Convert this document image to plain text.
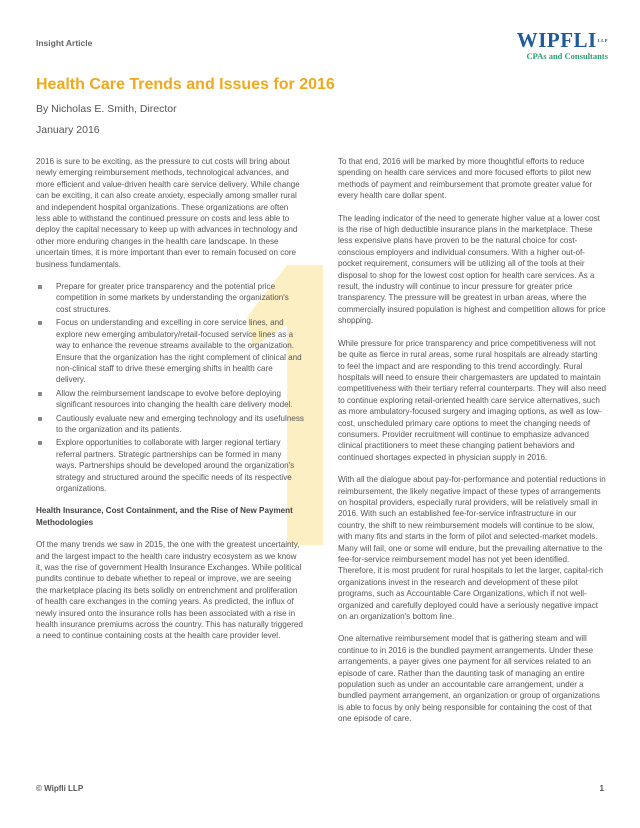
Insight Article	$WIPFLI^{LLP}$
CPAs and Consultants
Health Care Trends and Issues for 2016
By Nicholas E. Smith, Director
January 2016

2016 is sure to be exciting, as the pressure to cut costs will bring about newly emerging reimbursement methods, technological advances, and more efficient and value-driven health care service delivery. While change can be exciting, it can also create anxiety, especially among smaller rural and independent hospital organizations. These organizations are often less able to withstand the continued pressure on costs and less able to deploy the capital necessary to keep up with advances in technology and other more enduring changes in the health care landscape. In these uncertain times, it is more important than ever to remain focused on core business fundamentals.

Prepare for greater price transparency and the potential price competition in some markets by understanding the organization's cost structures.
Focus on understanding and excelling in core service lines, and explore new emerging ambulatory/retail-focused service lines as a way to enhance the revenue streams available to the organization. Ensure that the organization has the right complement of clinical and non-clinical staff to drive these emerging shifts in health care delivery.
Allow the reimbursement landscape to evolve before deploying significant resources into changing the health care delivery model.
Cautiously evaluate new and emerging technology and its usefulness to the organization and its patients.
Explore opportunities to collaborate with larger regional tertiary referral partners. Strategic partnerships can be formed in many ways. Partnerships should be developed around the organization's strategy and structured around the specific needs of its respective organizations.
Health Insurance, Cost Containment, and the Rise of New Payment Methodologies

Of the many trends we saw in 2015, the one with the greatest uncertainty, and the largest impact to the health care industry ecosystem as we know it, was the rise of government Health Insurance Exchanges. While political pundits continue to debate whether to repeal or improve, we are seeing the marketplace placing its bets solidly on entrenchment and proliferation of health care exchanges in the coming years. As predicted, the influx of newly insured onto the insurance rolls has been associated with a rise in health insurance premiums across the country. This has naturally triggered a need to continue containing costs at the health care provider level.

To that end, 2016 will be marked by more thoughtful efforts to reduce spending on health care services and more focused efforts to pilot new methods of payment and reimbursement that promote greater value for every health care dollar spent.

The leading indicator of the need to generate higher value at a lower cost is the rise of high deductible insurance plans in the marketplace. These less expensive plans have proven to be the natural choice for cost-conscious employers and individual consumers. With a higher out-of-pocket requirement, consumers will be utilizing all of the tools at their disposal to shop for the lowest cost option for health care services. As a result, the industry will continue to incur pressure for greater price transparency. The pressure will be greatest in urban areas, where the commercially insured population is highest and competition allows for price shopping.

While pressure for price transparency and price competitiveness will not be quite as fierce in rural areas, some rural hospitals are already starting to feel the impact and are responding to this trend accordingly. Rural hospitals will need to ensure their chargemasters are updated to maintain competitiveness with their tertiary referral counterparts. They will also need to continue exploring retail-oriented health care service alternatives, such as more ambulatory-focused surgery and imaging options, as well as low-cost, unscheduled primary care options to meet the changing needs of consumers. Provider recruitment will continue to emphasize advanced clinical practitioners to meet these changing patient behaviors and continued shortages expected in physician supply in 2016.

With all the dialogue about pay-for-performance and potential reductions in reimbursement, the likely negative impact of these types of arrangements on hospital providers, especially rural providers, will be relatively small in 2016. With such an established fee-for-service infrastructure in our country, the shift to new reimbursement models will continue to be slow, with many fits and starts in the form of pilot and selected-market models. Many will fail, one or some will endure, but the prevailing alternative to the fee-for-service reimbursement model has not yet been identified. Therefore, it is most prudent for rural hospitals to let the larger, capital-rich organizations invest in the research and development of these pilot programs, such as Accountable Care Organizations, which if not well-organized and carefully deployed could have a seriously negative impact on an organization's bottom line.

One alternative reimbursement model that is gathering steam and will continue to in 2016 is the bundled payment arrangements. Under these arrangements, a payer gives one payment for all services related to an episode of care. Rather than the daunting task of managing an entire population such as under an accountable care arrangement, under a bundled payment arrangement, an organization or group of organizations is able to focus by only being responsible for containing the cost of that one episode of care.

© Wipfli LLP	1
